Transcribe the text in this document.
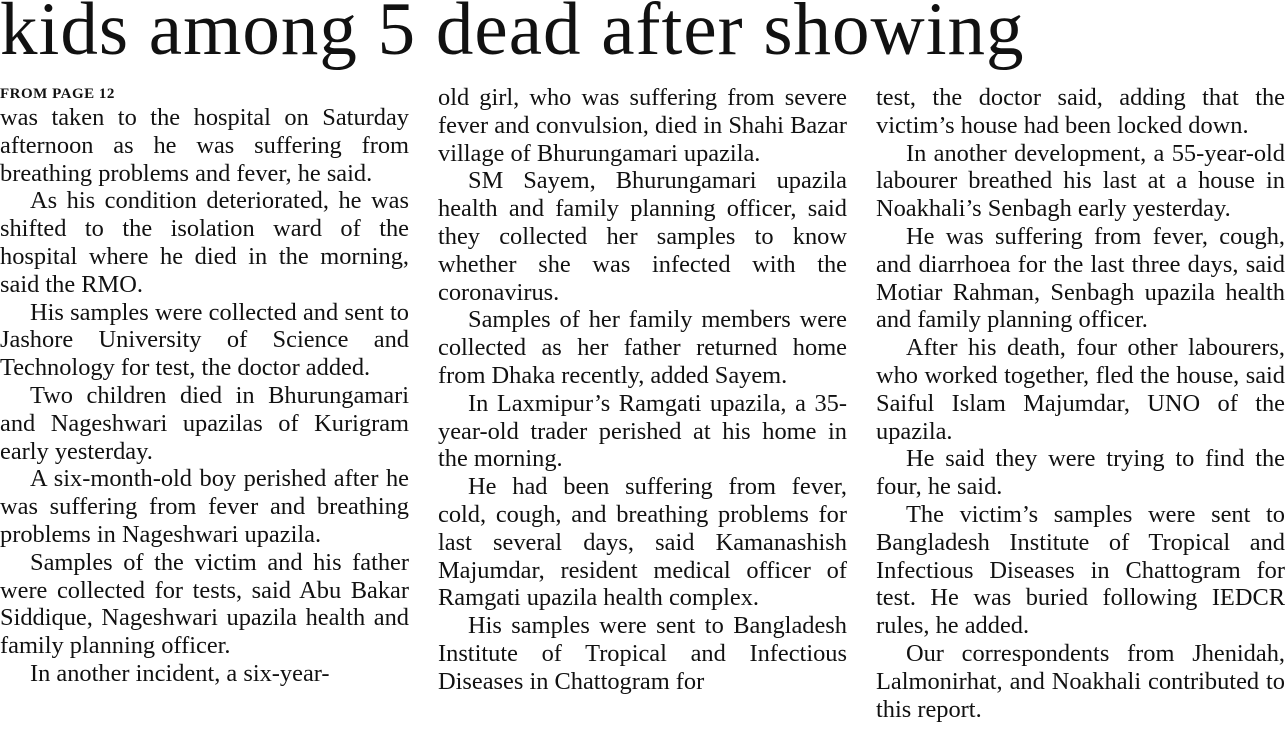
kids among 5 dead after showing
FROM PAGE 12

was taken to the hospital on Saturday afternoon as he was suffering from breathing problems and fever, he said.

As his condition deteriorated, he was shifted to the isolation ward of the hospital where he died in the morning, said the RMO.

His samples were collected and sent to Jashore University of Science and Technology for test, the doctor added.

Two children died in Bhurungamari and Nageshwari upazilas of Kurigram early yesterday.

A six-month-old boy perished after he was suffering from fever and breathing problems in Nageshwari upazila.

Samples of the victim and his father were collected for tests, said Abu Bakar Siddique, Nageshwari upazila health and family planning officer.

In another incident, a six-year-

old girl, who was suffering from severe fever and convulsion, died in Shahi Bazar village of Bhurungamari upazila.

SM Sayem, Bhurungamari upazila health and family planning officer, said they collected her samples to know whether she was infected with the coronavirus.

Samples of her family members were collected as her father returned home from Dhaka recently, added Sayem.

In Laxmipur’s Ramgati upazila, a 35-year-old trader perished at his home in the morning.

He had been suffering from fever, cold, cough, and breathing problems for last several days, said Kamanashish Majumdar, resident medical officer of Ramgati upazila health complex.

His samples were sent to Bangladesh Institute of Tropical and Infectious Diseases in Chattogram for

test, the doctor said, adding that the victim’s house had been locked down.

In another development, a 55-year-old labourer breathed his last at a house in Noakhali’s Senbagh early yesterday.

He was suffering from fever, cough, and diarrhoea for the last three days, said Motiar Rahman, Senbagh upazila health and family planning officer.

After his death, four other labourers, who worked together, fled the house, said Saiful Islam Majumdar, UNO of the upazila.

He said they were trying to find the four, he said.

The victim’s samples were sent to Bangladesh Institute of Tropical and Infectious Diseases in Chattogram for test. He was buried following IEDCR rules, he added.

Our correspondents from Jhenidah, Lalmonirhat, and Noakhali contributed to this report.
